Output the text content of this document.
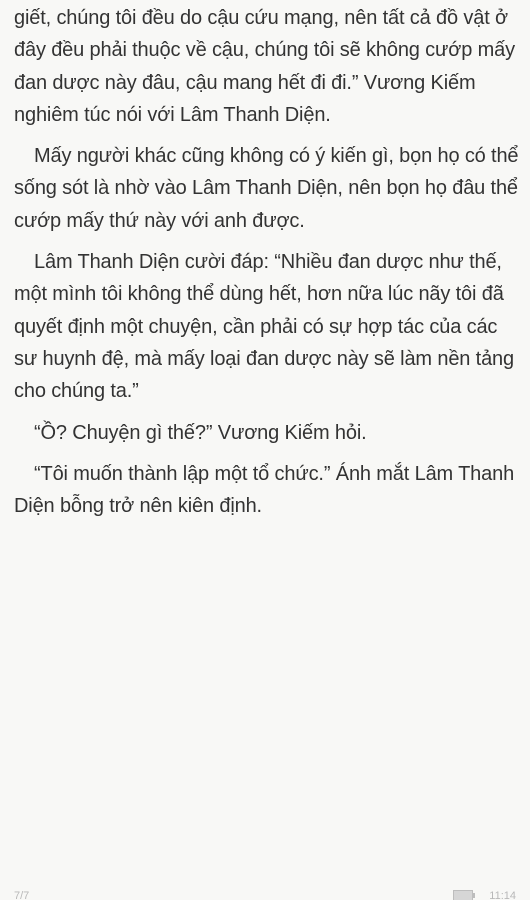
giết, chúng tôi đều do cậu cứu mạng, nên tất cả đồ vật ở đây đều phải thuộc về cậu, chúng tôi sẽ không cướp mấy đan dược này đâu, cậu mang hết đi đi.” Vương Kiếm nghiêm túc nói với Lâm Thanh Diện.

Mấy người khác cũng không có ý kiến gì, bọn họ có thể sống sót là nhờ vào Lâm Thanh Diện, nên bọn họ đâu thể cướp mấy thứ này với anh được.

Lâm Thanh Diện cười đáp: “Nhiều đan dược như thế, một mình tôi không thể dùng hết, hơn nữa lúc nãy tôi đã quyết định một chuyện, cần phải có sự hợp tác của các sư huynh đệ, mà mấy loại đan dược này sẽ làm nền tảng cho chúng ta.”

“Ồ? Chuyện gì thế?” Vương Kiếm hỏi.

“Tôi muốn thành lập một tổ chức.” Ánh mắt Lâm Thanh Diện bỗng trở nên kiên định.

7/7	11:14
